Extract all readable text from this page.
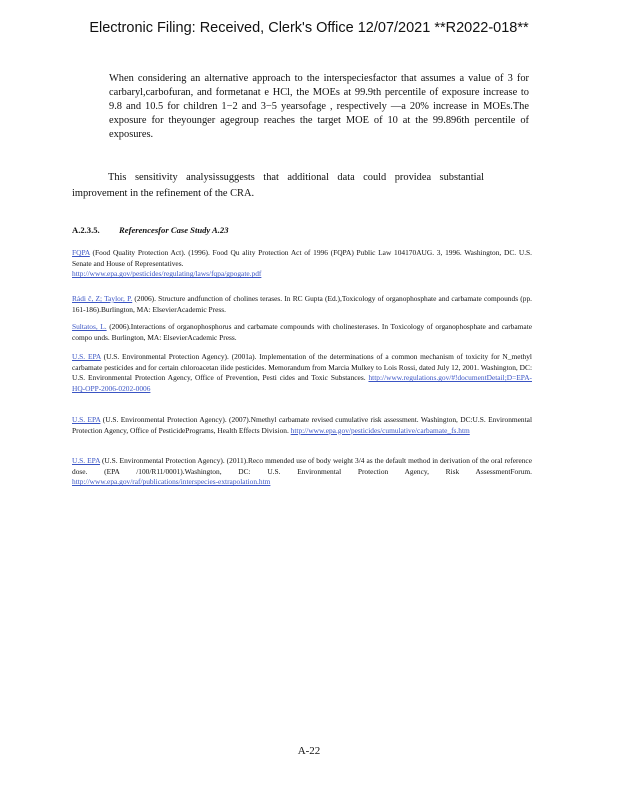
Electronic Filing: Received, Clerk's Office 12/07/2021 **R2022-018**
When considering an alternative approach to the interspeciesfactor that assumes a value of 3 for carbaryl,carbofuran, and formetanat e HCl, the MOEs at 99.9th percentile of exposure increase to 9.8 and 10.5 for children 1−2 and 3−5 yearsofage , respectively —a 20% increase in MOEs.The exposure for theyounger agegroup reaches the target MOE of 10 at the 99.896th percentile of exposures.
This sensitivity analysissuggests that additional data could providea substantial improvement in the refinement of the CRA.
A.2.3.5. Referencesfor Case Study A.23
FQPA (Food Quality Protection Act). (1996). Food Qu ality Protection Act of 1996 (FQPA) Public Law 104170AUG. 3, 1996. Washington, DC. U.S. Senate and House of Representatives.
http://www.epa.gov/pesticides/regulating/laws/fqpa/gpogate.pdf
Rádi č, Z; Taylor, P. (2006). Structure andfunction of cholines terases. In RC Gupta (Ed.),Toxicology of organophosphate and carbamate compounds (pp. 161-186).Burlington, MA: ElsevierAcademic Press.
Sultatos, L. (2006).Interactions of organophosphorus and carbamate compounds with cholinesterases. In Toxicology of organophosphate and carbamate compo unds. Burlington, MA: ElsevierAcademic Press.
U.S. EPA (U.S. Environmental Protection Agency). (2001a). Implementation of the determinations of a common mechanism of toxicity for N_methyl carbamate pesticides and for certain chloroacetan ilide pesticides. Memorandum from Marcia Mulkey to Lois Rossi, dated July 12, 2001. Washington, DC: U.S. Environmental Protection Agency, Office of Prevention, Pesti cides and Toxic Substances. http://www.regulations.gov/#!documentDetail;D=EPA-HQ-OPP-2006-0202-0006
U.S. EPA (U.S. Environmental Protection Agency). (2007).Nmethyl carbamate revised cumulative risk assessment. Washington, DC:U.S. Environmental Protection Agency, Office of PesticidePrograms, Health Effects Division. http://www.epa.gov/pesticides/cumulative/carbamate_fs.htm
U.S. EPA (U.S. Environmental Protection Agency). (2011).Reco mmended use of body weight 3/4 as the default method in derivation of the oral reference dose. (EPA /100/R11/0001).Washington, DC: U.S. Environmental Protection Agency, Risk AssessmentForum. http://www.epa.gov/raf/publications/interspecies-extrapolation.htm
A-22
